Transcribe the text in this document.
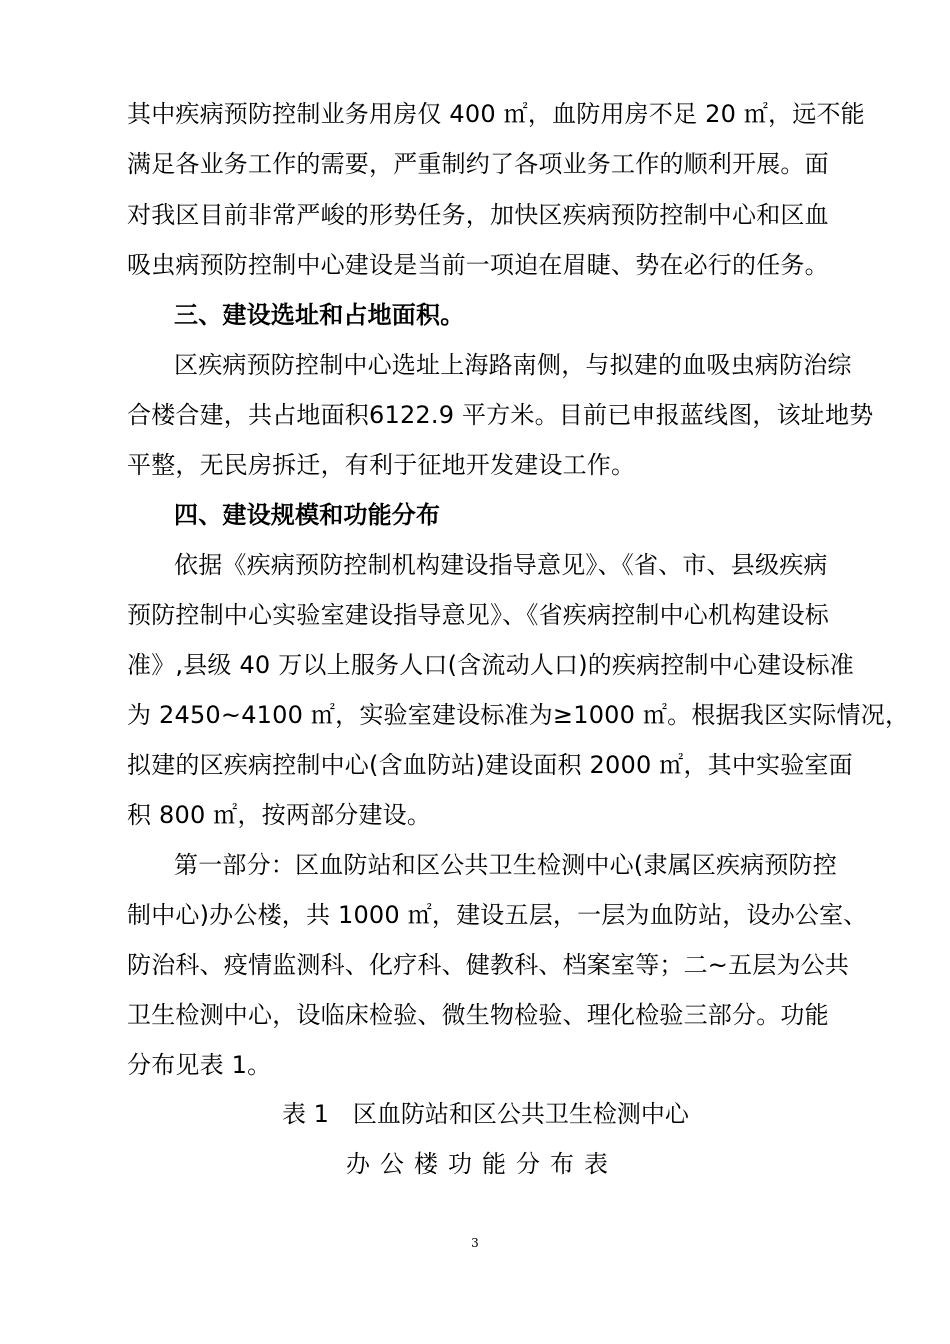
其中疾病预防控制业务用房仅 400 ㎡，血防用房不足 20 ㎡，远不能
满足各业务工作的需要，严重制约了各项业务工作的顺利开展。面
对我区目前非常严峻的形势任务，加快区疾病预防控制中心和区血
吸虫病预防控制中心建设是当前一项迫在眉睫、势在必行的任务。
三、建设选址和占地面积。
区疾病预防控制中心选址上海路南侧，与拟建的血吸虫病防治综
合楼合建，共占地面积6122.9 平方米。目前已申报蓝线图，该址地势
平整，无民房拆迁，有利于征地开发建设工作。
四、建设规模和功能分布
依据《疾病预防控制机构建设指导意见》、《省、市、县级疾病
预防控制中心实验室建设指导意见》、《省疾病控制中心机构建设标
准》,县级 40 万以上服务人口(含流动人口)的疾病控制中心建设标准
为 2450~4100 ㎡，实验室建设标准为≥1000 ㎡。根据我区实际情况，
拟建的区疾病控制中心(含血防站)建设面积 2000 ㎡，其中实验室面
积 800 ㎡，按两部分建设。
第一部分：区血防站和区公共卫生检测中心(隶属区疾病预防控
制中心)办公楼，共 1000 ㎡，建设五层，一层为血防站，设办公室、
防治科、疫情监测科、化疗科、健教科、档案室等；二~五层为公共
卫生检测中心，设临床检验、微生物检验、理化检验三部分。功能
分布见表 1。
表 1　区血防站和区公共卫生检测中心
办公楼功能分布表
3
